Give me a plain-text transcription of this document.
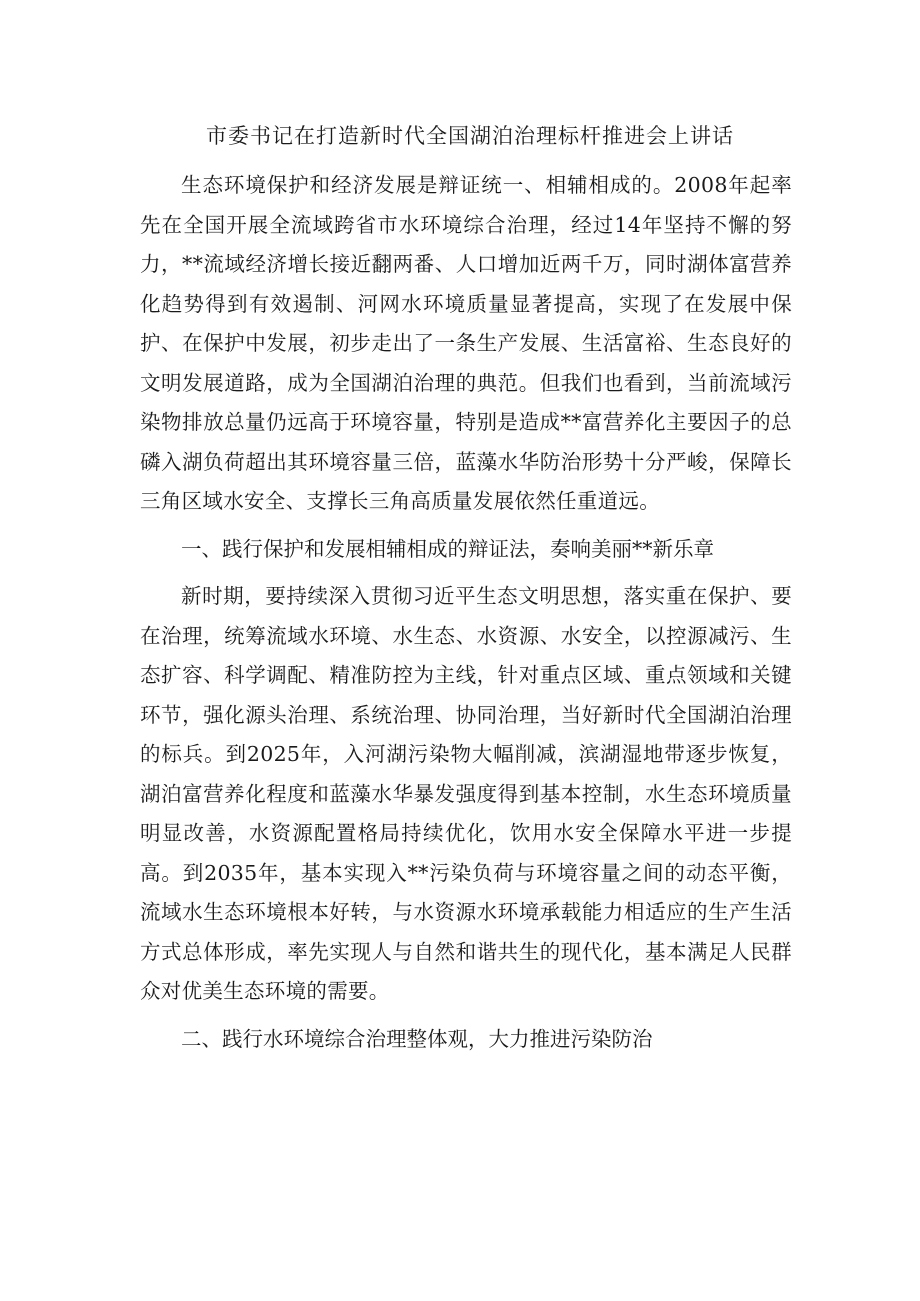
市委书记在打造新时代全国湖泊治理标杆推进会上讲话

生态环境保护和经济发展是辩证统一、相辅相成的。2008年起率先在全国开展全流域跨省市水环境综合治理，经过14年坚持不懈的努力，**流域经济增长接近翻两番、人口增加近两千万，同时湖体富营养化趋势得到有效遏制、河网水环境质量显著提高，实现了在发展中保护、在保护中发展，初步走出了一条生产发展、生活富裕、生态良好的文明发展道路，成为全国湖泊治理的典范。但我们也看到，当前流域污染物排放总量仍远高于环境容量，特别是造成**富营养化主要因子的总磷入湖负荷超出其环境容量三倍，蓝藻水华防治形势十分严峻，保障长三角区域水安全、支撑长三角高质量发展依然任重道远。

一、践行保护和发展相辅相成的辩证法，奏响美丽**新乐章

新时期，要持续深入贯彻习近平生态文明思想，落实重在保护、要在治理，统筹流域水环境、水生态、水资源、水安全，以控源减污、生态扩容、科学调配、精准防控为主线，针对重点区域、重点领域和关键环节，强化源头治理、系统治理、协同治理，当好新时代全国湖泊治理的标兵。到2025年，入河湖污染物大幅削减，滨湖湿地带逐步恢复，湖泊富营养化程度和蓝藻水华暴发强度得到基本控制，水生态环境质量明显改善，水资源配置格局持续优化，饮用水安全保障水平进一步提高。到2035年，基本实现入**污染负荷与环境容量之间的动态平衡，流域水生态环境根本好转，与水资源水环境承载能力相适应的生产生活方式总体形成，率先实现人与自然和谐共生的现代化，基本满足人民群众对优美生态环境的需要。

二、践行水环境综合治理整体观，大力推进污染防治
